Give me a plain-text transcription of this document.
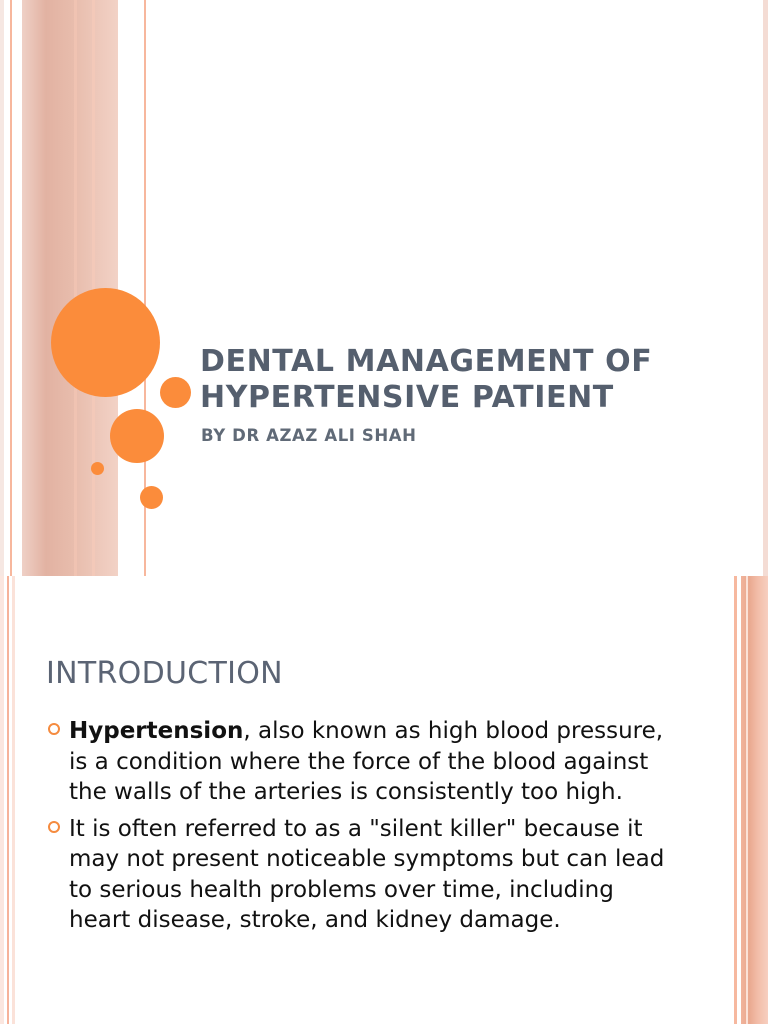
DENTAL MANAGEMENT OF
HYPERTENSIVE PATIENT

BY DR AZAZ ALI SHAH

INTRODUCTION
Hypertension, also known as high blood pressure, is a condition where the force of the blood against the walls of the arteries is consistently too high.
It is often referred to as a "silent killer" because it may not present noticeable symptoms but can lead to serious health problems over time, including heart disease, stroke, and kidney damage.
